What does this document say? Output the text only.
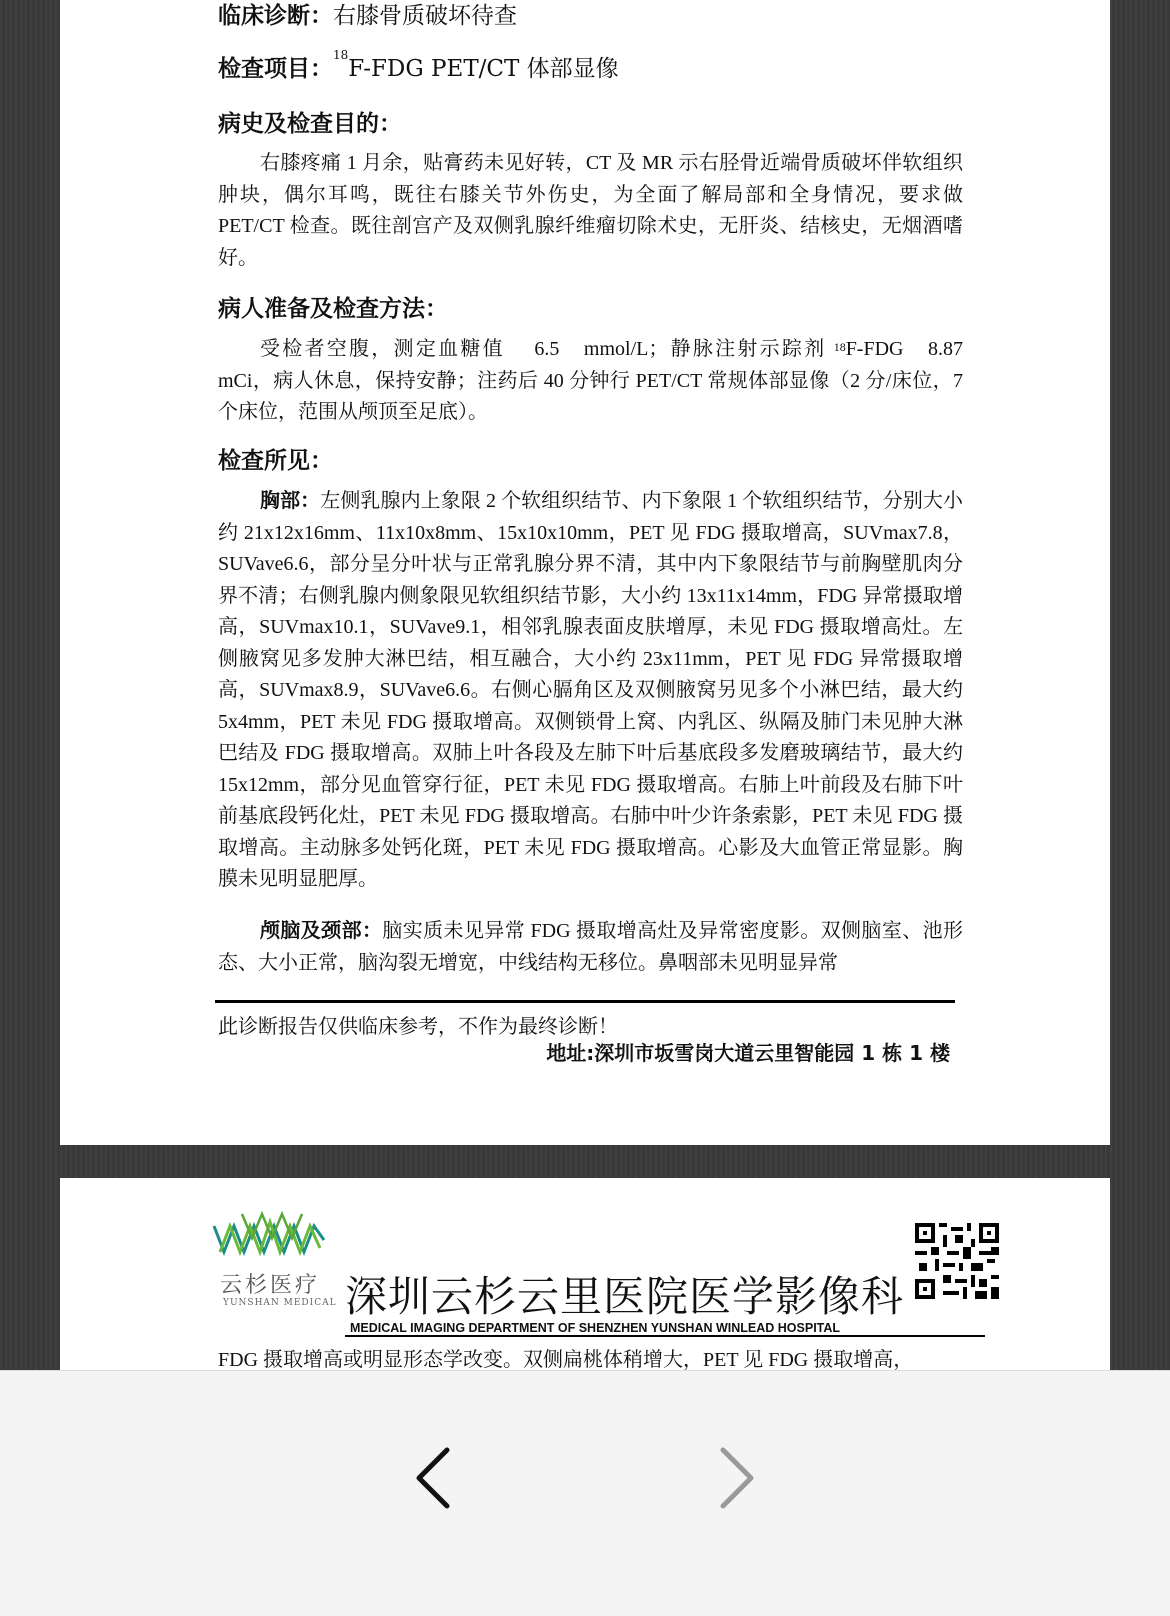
临床诊断：右膝骨质破坏待查
检查项目：$^{18}$F-FDG PET/CT 体部显像
病史及检查目的：

右膝疼痛 1 月余，贴膏药未见好转，CT 及 MR 示右胫骨近端骨质破坏伴软组织肿块，偶尔耳鸣，既往右膝关节外伤史，为全面了解局部和全身情况，要求做 PET/CT 检查。既往剖宫产及双侧乳腺纤维瘤切除术史，无肝炎、结核史，无烟酒嗜好。

病人准备及检查方法：

受检者空腹，测定血糖值　 6.5　mmol/L；静脉注射示踪剂 $^{18}$F-FDG　8.87 mCi，病人休息，保持安静；注药后 40 分钟行 PET/CT 常规体部显像（2 分/床位，7 个床位，范围从颅顶至足底）。

检查所见：

胸部：左侧乳腺内上象限 2 个软组织结节、内下象限 1 个软组织结节，分别大小约 21x12x16mm、11x10x8mm、15x10x10mm，PET 见 FDG 摄取增高，SUVmax7.8，SUVave6.6，部分呈分叶状与正常乳腺分界不清，其中内下象限结节与前胸壁肌肉分界不清；右侧乳腺内侧象限见软组织结节影，大小约 13x11x14mm，FDG 异常摄取增高，SUVmax10.1，SUVave9.1，相邻乳腺表面皮肤增厚，未见 FDG 摄取增高灶。左侧腋窝见多发肿大淋巴结，相互融合，大小约 23x11mm，PET 见 FDG 异常摄取增高，SUVmax8.9，SUVave6.6。右侧心膈角区及双侧腋窝另见多个小淋巴结，最大约 5x4mm，PET 未见 FDG 摄取增高。双侧锁骨上窝、内乳区、纵隔及肺门未见肿大淋巴结及 FDG 摄取增高。双肺上叶各段及左肺下叶后基底段多发磨玻璃结节，最大约 15x12mm，部分见血管穿行征，PET 未见 FDG 摄取增高。右肺上叶前段及右肺下叶前基底段钙化灶，PET 未见 FDG 摄取增高。右肺中叶少许条索影，PET 未见 FDG 摄取增高。主动脉多处钙化斑，PET 未见 FDG 摄取增高。心影及大血管正常显影。胸膜未见明显肥厚。

颅脑及颈部：脑实质未见异常 FDG 摄取增高灶及异常密度影。双侧脑室、池形态、大小正常，脑沟裂无增宽，中线结构无移位。鼻咽部未见明显异常

此诊断报告仅供临床参考，不作为最终诊断！
地址:深圳市坂雪岗大道云里智能园 1 栋 1 楼
云杉医疗
YUNSHAN MEDICAL 深圳云杉云里医院医学影像科
MEDICAL IMAGING DEPARTMENT OF SHENZHEN YUNSHAN WINLEAD HOSPITAL
FDG 摄取增高或明显形态学改变。双侧扁桃体稍增大，PET 见 FDG 摄取增高，
